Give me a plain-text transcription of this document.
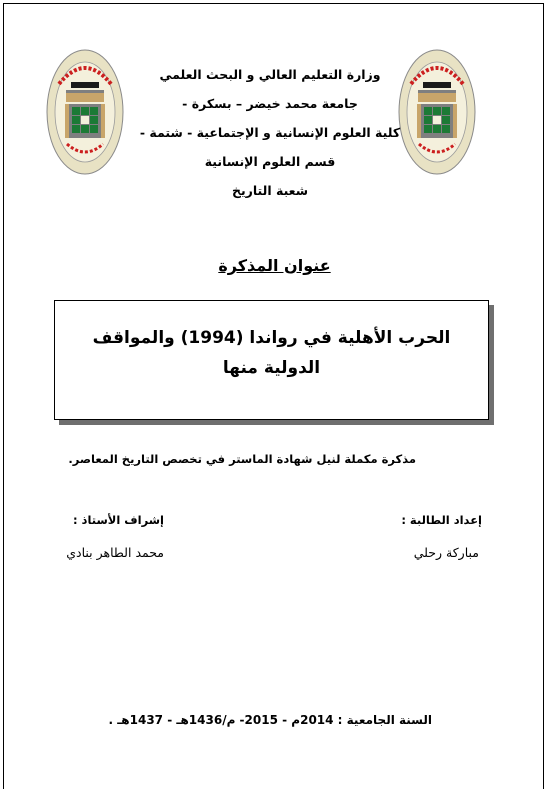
وزارة التعليم العالي و البحث العلمي
جامعة محمد خيضر – بسكرة -
كلية العلوم الإنسانية و الإجتماعية - شتمة -
قسم العلوم الإنسانية
شعبة التاريخ
عنوان المذكرة
الحرب الأهلية في رواندا (1994) والمواقف الدولية منها
مذكرة مكملة لنيل شهادة الماستر في تخصص التاريخ المعاصر.
إعداد الطالبة :
إشراف الأستاذ :
مباركة رحلي
محمد الطاهر بنادي
السنة الجامعية : 2014م - 2015- م/1436هـ - 1437هـ .
